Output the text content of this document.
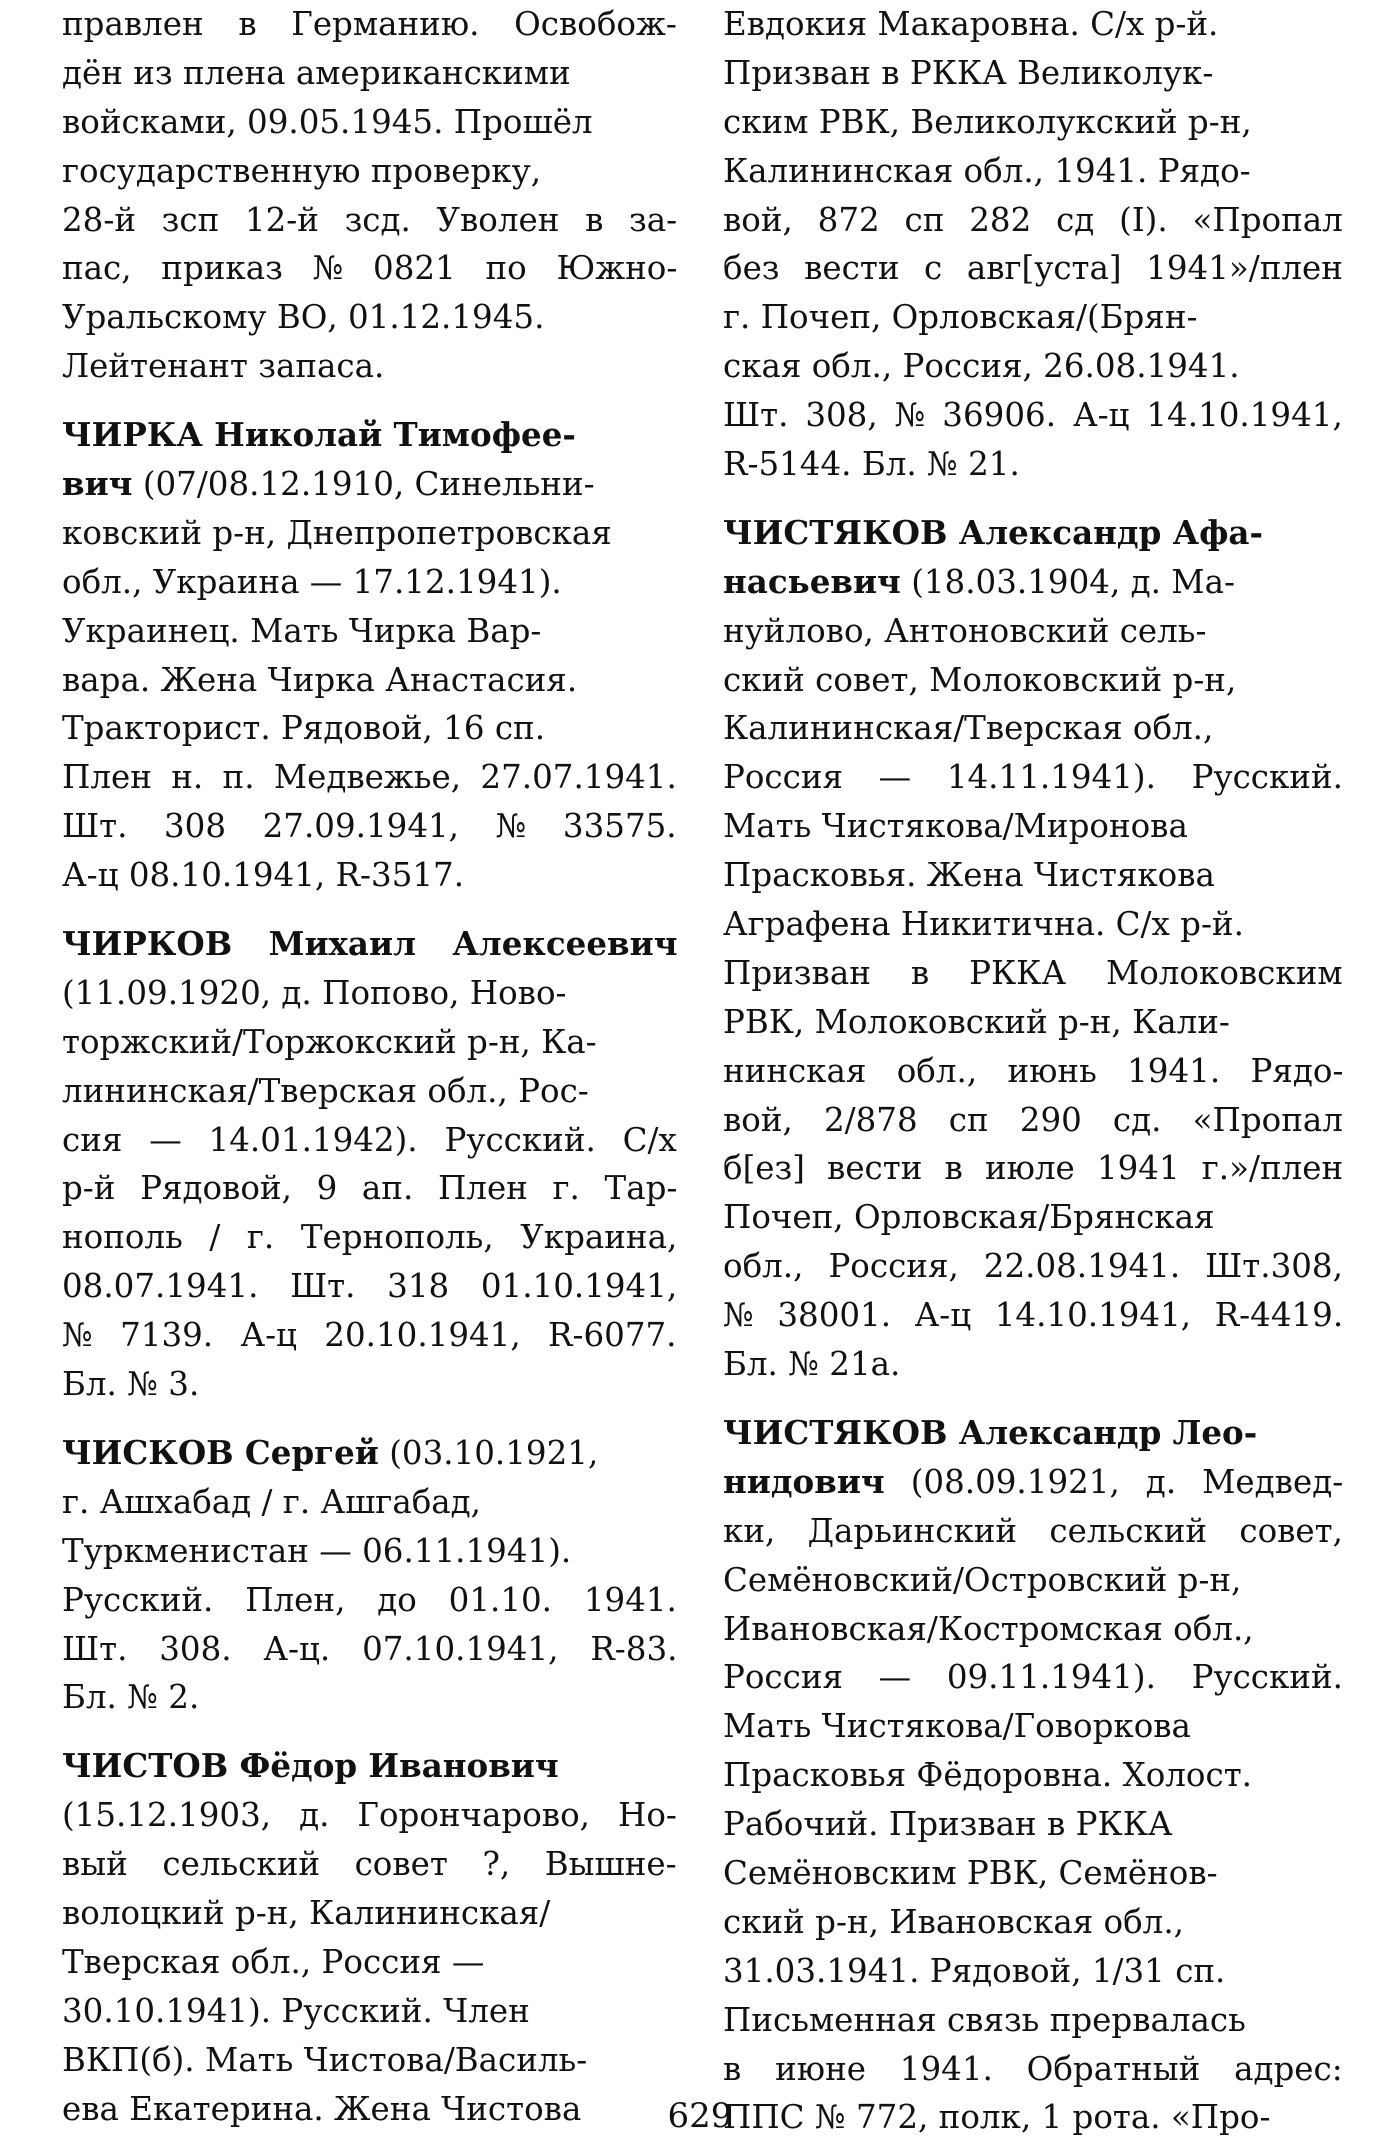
правлен в Германию. Освобож-
дён из плена американскими
войсками, 09.05.1945. Прошёл
государственную проверку,
28-й зсп 12-й зсд. Уволен в за-
пас, приказ № 0821 по Южно-
Уральскому ВО, 01.12.1945.
Лейтенант запаса.
ЧИРКА Николай Тимофее-
вич (07/08.12.1910, Синельни-
ковский р-н, Днепропетровская
обл., Украина — 17.12.1941).
Украинец. Мать Чирка Вар-
вара. Жена Чирка Анастасия.
Тракторист. Рядовой, 16 сп.
Плен н. п. Медвежье, 27.07.1941.
Шт. 308 27.09.1941, № 33575.
А-ц 08.10.1941, R-3517.
ЧИРКОВ Михаил Алексеевич
(11.09.1920, д. Попово, Ново-
торжский/Торжокский р-н, Ка-
лининская/Тверская обл., Рос-
сия — 14.01.1942). Русский. С/х
р-й Рядовой, 9 ап. Плен г. Тар-
нополь / г. Тернополь, Украина,
08.07.1941. Шт. 318 01.10.1941,
№ 7139. А-ц 20.10.1941, R-6077.
Бл. № 3.
ЧИСКОВ Сергей (03.10.1921,
г. Ашхабад / г. Ашгабад,
Туркменистан — 06.11.1941).
Русский. Плен, до 01.10. 1941.
Шт. 308. А-ц. 07.10.1941, R-83.
Бл. № 2.
ЧИСТОВ Фёдор Иванович
(15.12.1903, д. Горончарово, Но-
вый сельский совет ?, Вышне-
волоцкий р-н, Калининская/
Тверская обл., Россия —
30.10.1941). Русский. Член
ВКП(б). Мать Чистова/Василь-
ева Екатерина. Жена Чистова
Евдокия Макаровна. С/х р-й.
Призван в РККА Великолук-
ским РВК, Великолукский р-н,
Калининская обл., 1941. Рядо-
вой, 872 сп 282 сд (I). «Пропал
без вести с авг[уста] 1941»/плен
г. Почеп, Орловская/(Брян-
ская обл., Россия, 26.08.1941.
Шт. 308, № 36906. А-ц 14.10.1941,
R-5144. Бл. № 21.
ЧИСТЯКОВ Александр Афа-
насьевич (18.03.1904, д. Ма-
нуйлово, Антоновский сель-
ский совет, Молоковский р-н,
Калининская/Тверская обл.,
Россия — 14.11.1941). Русский.
Мать Чистякова/Миронова
Прасковья. Жена Чистякова
Аграфена Никитична. С/х р-й.
Призван в РККА Молоковским
РВК, Молоковский р-н, Кали-
нинская обл., июнь 1941. Рядо-
вой, 2/878 сп 290 сд. «Пропал
б[ез] вести в июле 1941 г.»/плен
Почеп, Орловская/Брянская
обл., Россия, 22.08.1941. Шт.308,
№ 38001. А-ц 14.10.1941, R-4419.
Бл. № 21а.
ЧИСТЯКОВ Александр Лео-
нидович (08.09.1921, д. Медвед-
ки, Дарьинский сельский совет,
Семёновский/Островский р-н,
Ивановская/Костромская обл.,
Россия — 09.11.1941). Русский.
Мать Чистякова/Говоркова
Прасковья Фёдоровна. Холост.
Рабочий. Призван в РККА
Семёновским РВК, Семёнов-
ский р-н, Ивановская обл.,
31.03.1941. Рядовой, 1/31 сп.
Письменная связь прервалась
в июне 1941. Обратный адрес:
ППС № 772, полк, 1 рота. «Про-
629
